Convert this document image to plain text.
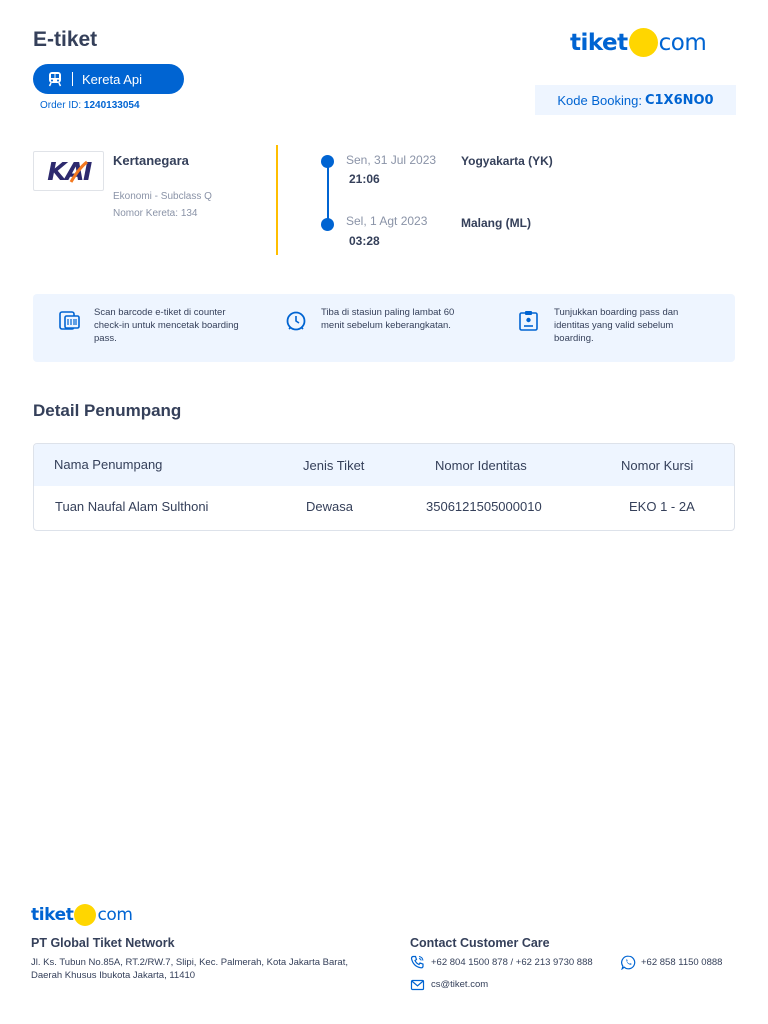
E-tiket	tiket com
Kereta Api
Order ID: 1240133054	Kode Booking: C1X6NO0
KAI Kertanegara
Ekonomi - Subclass Q
Nomor Kereta: 134
Sen, 31 Jul 2023
21:06
Yogyakarta (YK)
Sel, 1 Agt 2023
03:28
Malang (ML)
Scan barcode e-tiket di counter
check-in untuk mencetak boarding
pass.
Tiba di stasiun paling lambat 60
menit sebelum keberangkatan.
Tunjukkan boarding pass dan
identitas yang valid sebelum
boarding.
Detail Penumpang
Nama Penumpang	Jenis Tiket	Nomor Identitas	Nomor Kursi
Tuan Naufal Alam Sulthoni	Dewasa	3506121505000010	EKO 1 - 2A
tiket com
PT Global Tiket Network
Jl. Ks. Tubun No.85A, RT.2/RW.7, Slipi, Kec. Palmerah, Kota Jakarta Barat,
Daerah Khusus Ibukota Jakarta, 11410
Contact Customer Care
+62 804 1500 878 / +62 213 9730 888	+62 858 1150 0888
cs@tiket.com
